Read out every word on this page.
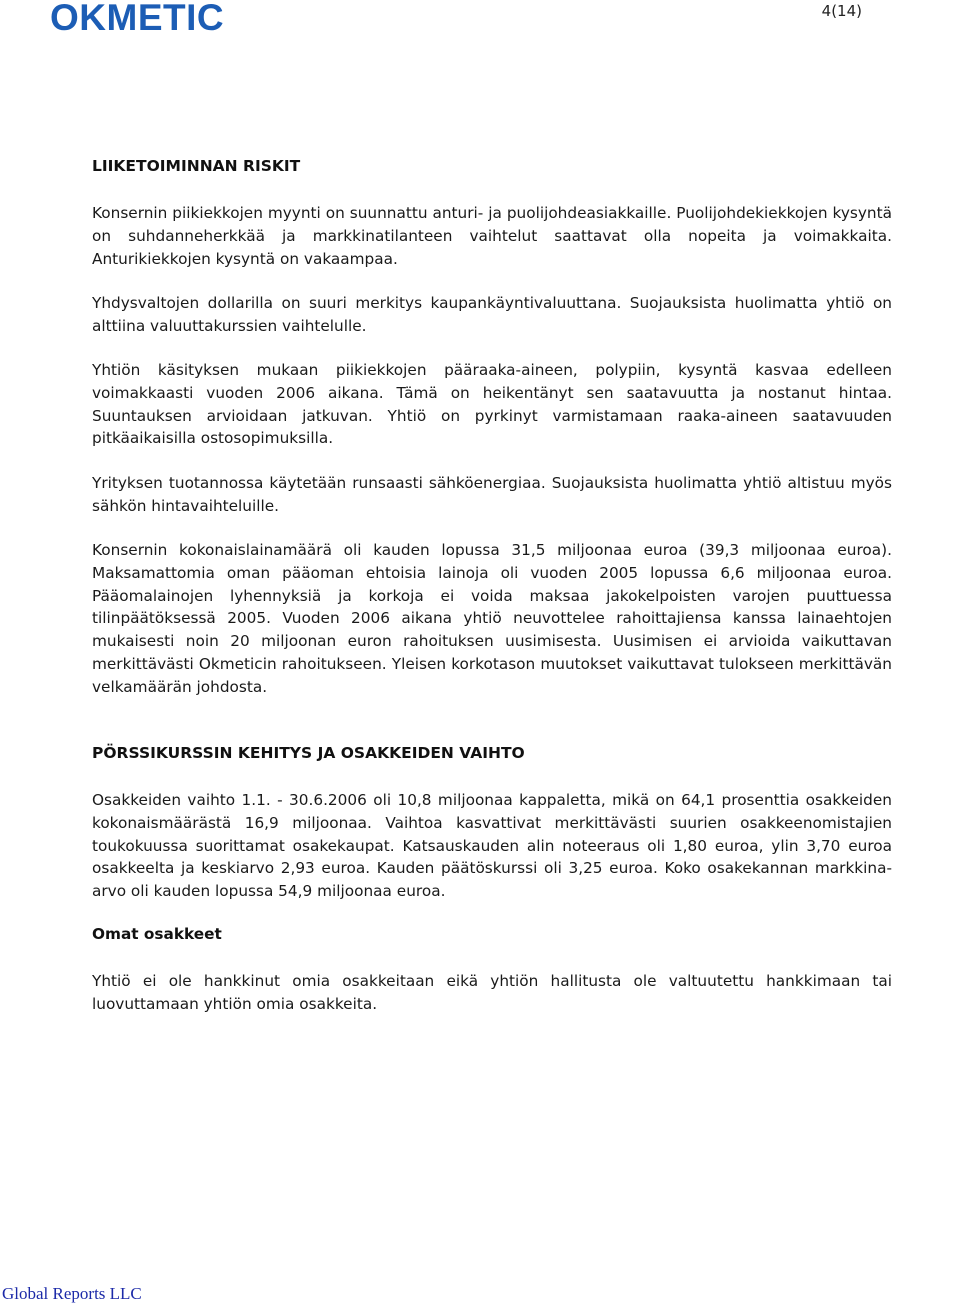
OKMETIC	4(14)
LIIKETOIMINNAN RISKIT

Konsernin piikiekkojen myynti on suunnattu anturi- ja puolijohdeasiakkaille. Puolijohdekiekkojen kysyntä on suhdanneherkkää ja markkinatilanteen vaihtelut saattavat olla nopeita ja voimakkaita. Anturikiekkojen kysyntä on vakaampaa.

Yhdysvaltojen dollarilla on suuri merkitys kaupankäyntivaluuttana. Suojauksista huolimatta yhtiö on alttiina valuuttakurssien vaihtelulle.

Yhtiön käsityksen mukaan piikiekkojen pääraaka-aineen, polypiin, kysyntä kasvaa edelleen voimakkaasti vuoden 2006 aikana. Tämä on heikentänyt sen saatavuutta ja nostanut hintaa. Suuntauksen arvioidaan jatkuvan. Yhtiö on pyrkinyt varmistamaan raaka-aineen saatavuuden pitkäaikaisilla ostosopimuksilla.

Yrityksen tuotannossa käytetään runsaasti sähköenergiaa. Suojauksista huolimatta yhtiö altistuu myös sähkön hintavaihteluille.

Konsernin kokonaislainamäärä oli kauden lopussa 31,5 miljoonaa euroa (39,3 miljoonaa euroa). Maksamattomia oman pääoman ehtoisia lainoja oli vuoden 2005 lopussa 6,6 miljoonaa euroa. Pääomalainojen lyhennyksiä ja korkoja ei voida maksaa jakokelpoisten varojen puuttuessa tilinpäätöksessä 2005. Vuoden 2006 aikana yhtiö neuvottelee rahoittajiensa kanssa lainaehtojen mukaisesti noin 20 miljoonan euron rahoituksen uusimisesta. Uusimisen ei arvioida vaikuttavan merkittävästi Okmeticin rahoitukseen. Yleisen korkotason muutokset vaikuttavat tulokseen merkittävän velkamäärän johdosta.

PÖRSSIKURSSIN KEHITYS JA OSAKKEIDEN VAIHTO

Osakkeiden vaihto 1.1. - 30.6.2006 oli 10,8 miljoonaa kappaletta, mikä on 64,1 prosenttia osakkeiden kokonaismäärästä 16,9 miljoonaa. Vaihtoa kasvattivat merkittävästi suurien osakkeenomistajien toukokuussa suorittamat osakekaupat. Katsauskauden alin noteeraus oli 1,80 euroa, ylin 3,70 euroa osakkeelta ja keskiarvo 2,93 euroa. Kauden päätöskurssi oli 3,25 euroa. Koko osakekannan markkina-arvo oli kauden lopussa 54,9 miljoonaa euroa.

Omat osakkeet

Yhtiö ei ole hankkinut omia osakkeitaan eikä yhtiön hallitusta ole valtuutettu hankkimaan tai luovuttamaan yhtiön omia osakkeita.

Global Reports LLC
